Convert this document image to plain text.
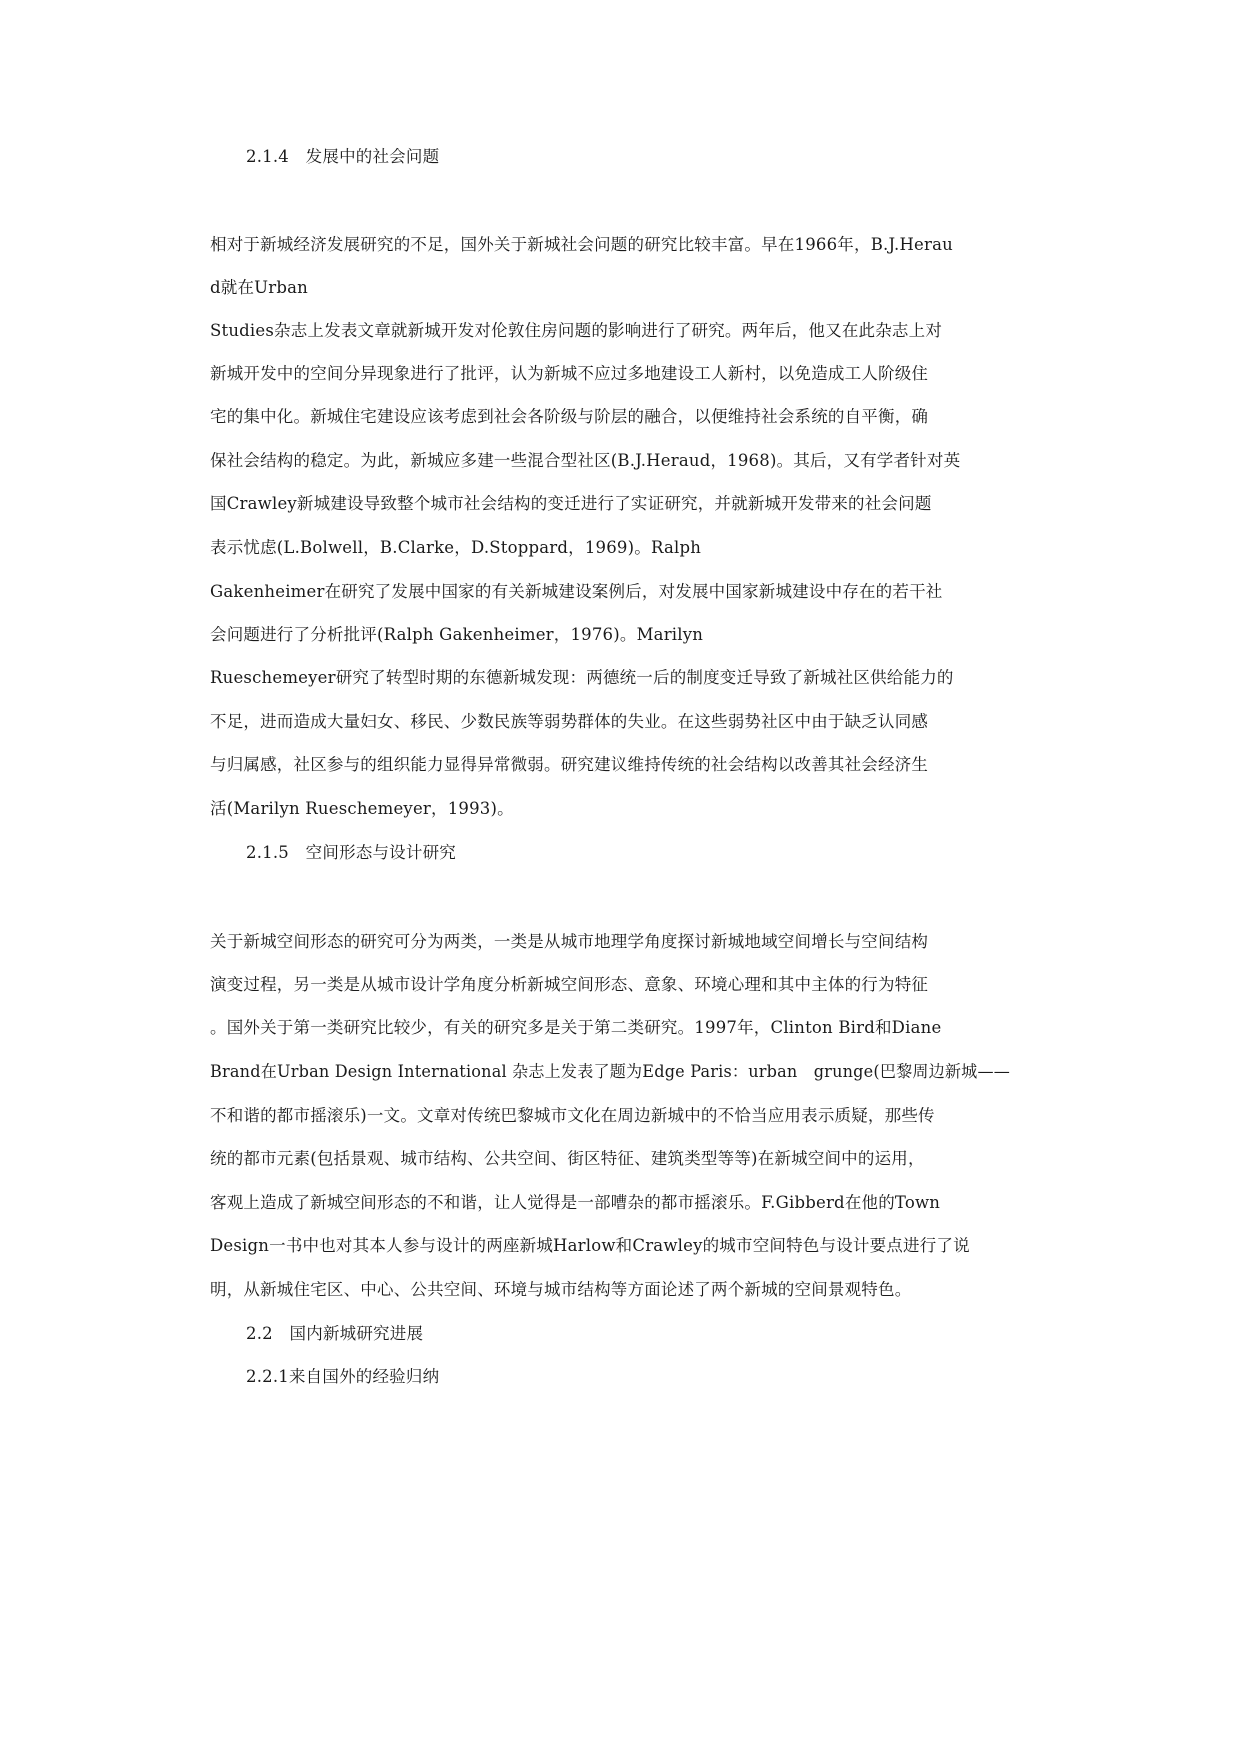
2.1.4　发展中的社会问题
相对于新城经济发展研究的不足，国外关于新城社会问题的研究比较丰富。早在1966年，B.J.Herau
d就在Urban
Studies杂志上发表文章就新城开发对伦敦住房问题的影响进行了研究。两年后，他又在此杂志上对
新城开发中的空间分异现象进行了批评，认为新城不应过多地建设工人新村，以免造成工人阶级住
宅的集中化。新城住宅建设应该考虑到社会各阶级与阶层的融合，以便维持社会系统的自平衡，确
保社会结构的稳定。为此，新城应多建一些混合型社区(B.J.Heraud，1968)。其后，又有学者针对英
国Crawley新城建设导致整个城市社会结构的变迁进行了实证研究，并就新城开发带来的社会问题
表示忧虑(L.Bolwell，B.Clarke，D.Stoppard，1969)。Ralph
Gakenheimer在研究了发展中国家的有关新城建设案例后，对发展中国家新城建设中存在的若干社
会问题进行了分析批评(Ralph Gakenheimer，1976)。Marilyn
Rueschemeyer研究了转型时期的东德新城发现：两德统一后的制度变迁导致了新城社区供给能力的
不足，进而造成大量妇女、移民、少数民族等弱势群体的失业。在这些弱势社区中由于缺乏认同感
与归属感，社区参与的组织能力显得异常微弱。研究建议维持传统的社会结构以改善其社会经济生
活(Marilyn Rueschemeyer，1993)。
2.1.5　空间形态与设计研究
关于新城空间形态的研究可分为两类，一类是从城市地理学角度探讨新城地域空间增长与空间结构
演变过程，另一类是从城市设计学角度分析新城空间形态、意象、环境心理和其中主体的行为特征
。国外关于第一类研究比较少，有关的研究多是关于第二类研究。1997年，Clinton Bird和Diane
Brand在Urban Design International 杂志上发表了题为Edge Paris：urban　grunge(巴黎周边新城——
不和谐的都市摇滚乐)一文。文章对传统巴黎城市文化在周边新城中的不恰当应用表示质疑，那些传
统的都市元素(包括景观、城市结构、公共空间、街区特征、建筑类型等等)在新城空间中的运用，
客观上造成了新城空间形态的不和谐，让人觉得是一部嘈杂的都市摇滚乐。F.Gibberd在他的Town
Design一书中也对其本人参与设计的两座新城Harlow和Crawley的城市空间特色与设计要点进行了说
明，从新城住宅区、中心、公共空间、环境与城市结构等方面论述了两个新城的空间景观特色。
2.2　国内新城研究进展
2.2.1来自国外的经验归纳
